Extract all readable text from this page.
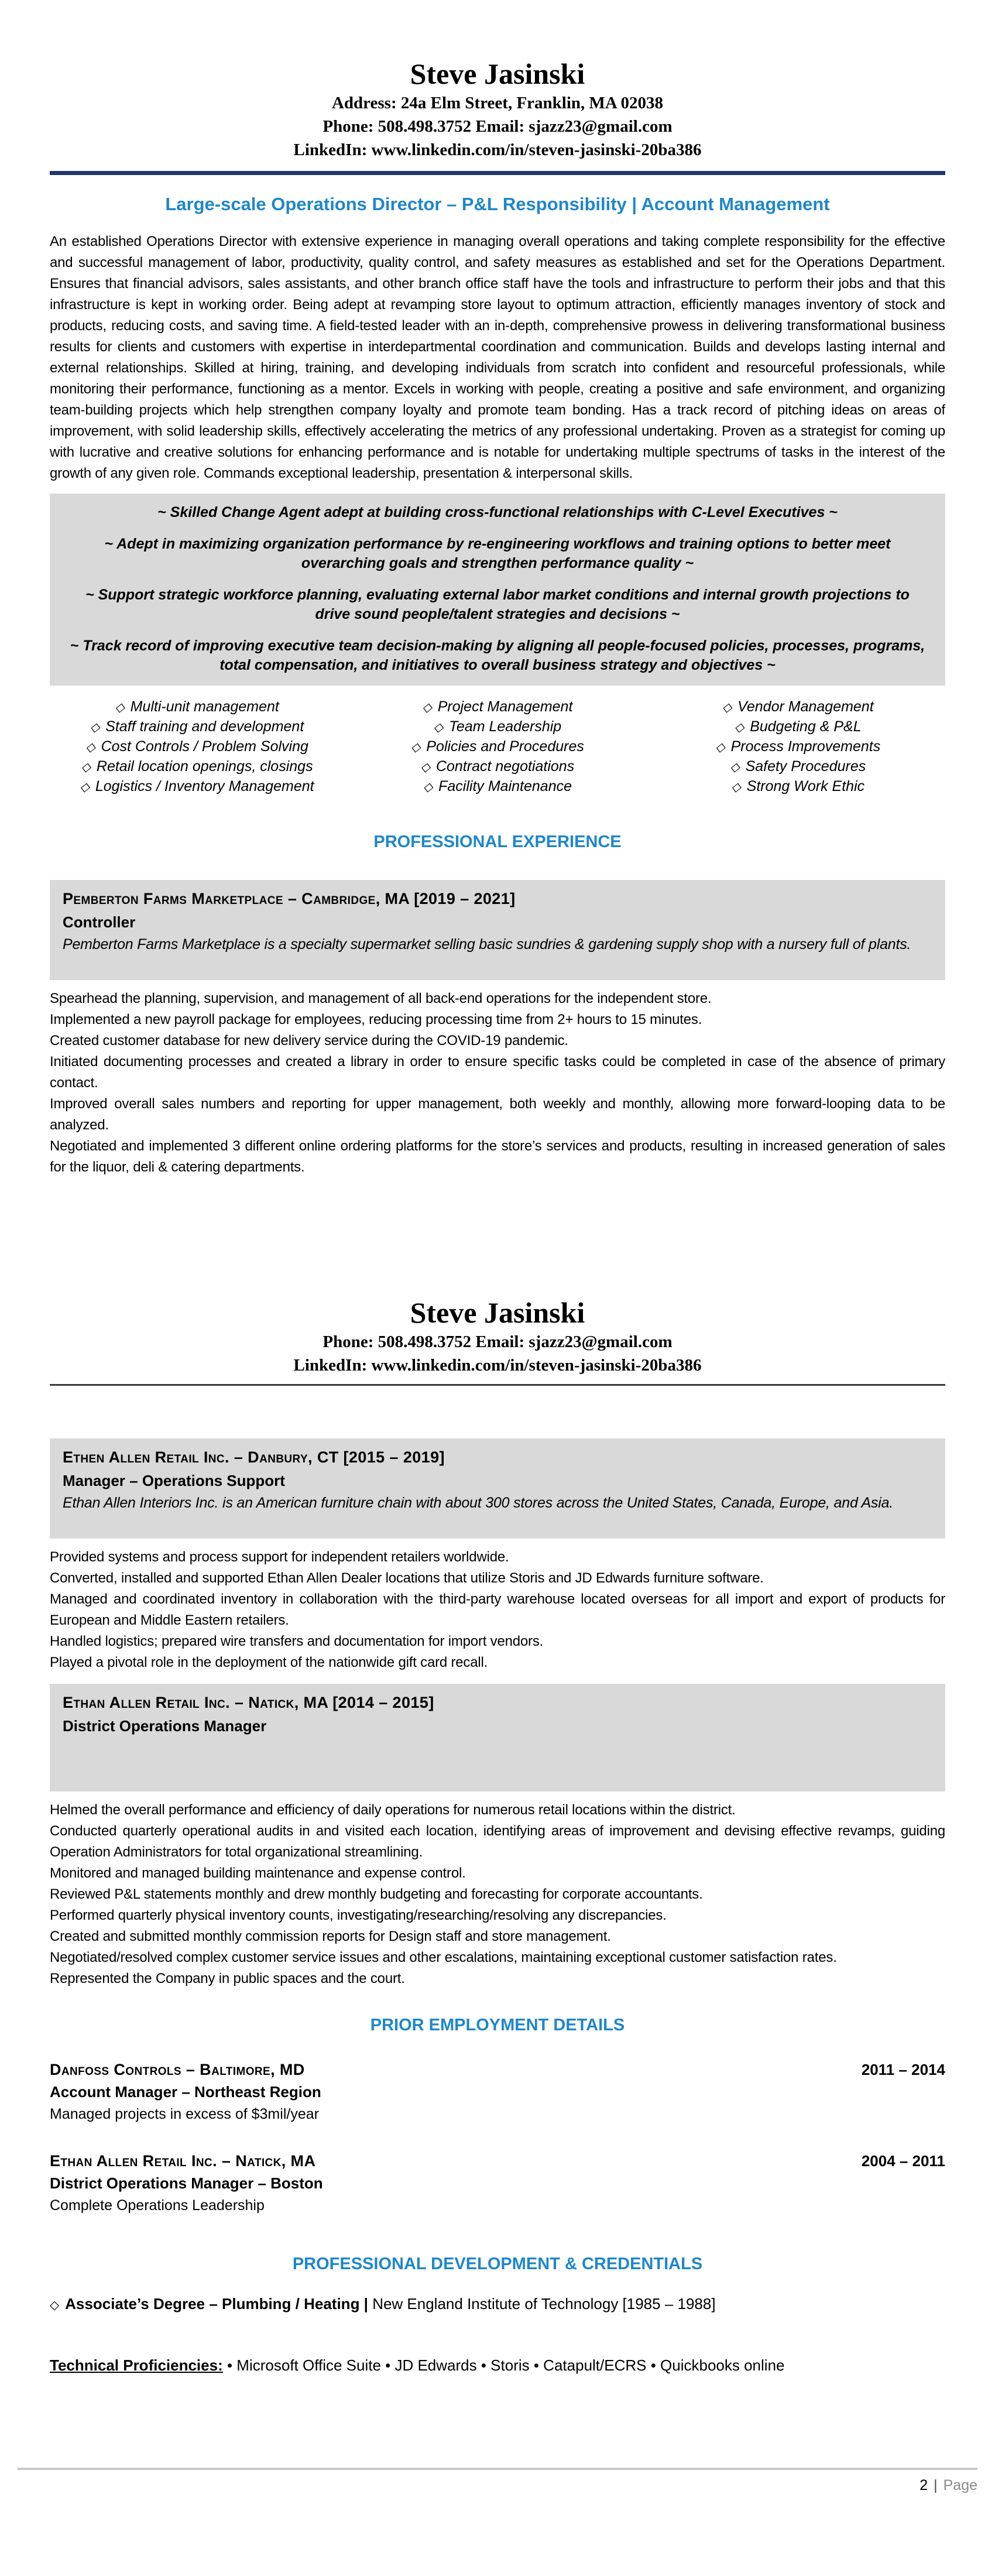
Steve Jasinski
Address: 24a Elm Street, Franklin, MA 02038
Phone: 508.498.3752 Email: sjazz23@gmail.com
LinkedIn: www.linkedin.com/in/steven-jasinski-20ba386
Large-scale Operations Director – P&L Responsibility | Account Management
An established Operations Director with extensive experience in managing overall operations and taking complete responsibility for the effective and successful management of labor, productivity, quality control, and safety measures as established and set for the Operations Department. Ensures that financial advisors, sales assistants, and other branch office staff have the tools and infrastructure to perform their jobs and that this infrastructure is kept in working order. Being adept at revamping store layout to optimum attraction, efficiently manages inventory of stock and products, reducing costs, and saving time. A field-tested leader with an in-depth, comprehensive prowess in delivering transformational business results for clients and customers with expertise in interdepartmental coordination and communication. Builds and develops lasting internal and external relationships. Skilled at hiring, training, and developing individuals from scratch into confident and resourceful professionals, while monitoring their performance, functioning as a mentor. Excels in working with people, creating a positive and safe environment, and organizing team-building projects which help strengthen company loyalty and promote team bonding. Has a track record of pitching ideas on areas of improvement, with solid leadership skills, effectively accelerating the metrics of any professional undertaking. Proven as a strategist for coming up with lucrative and creative solutions for enhancing performance and is notable for undertaking multiple spectrums of tasks in the interest of the growth of any given role. Commands exceptional leadership, presentation & interpersonal skills.

~ Skilled Change Agent adept at building cross-functional relationships with C-Level Executives ~

~ Adept in maximizing organization performance by re-engineering workflows and training options to better meet overarching goals and strengthen performance quality ~

~ Support strategic workforce planning, evaluating external labor market conditions and internal growth projections to drive sound people/talent strategies and decisions ~

~ Track record of improving executive team decision-making by aligning all people-focused policies, processes, programs, total compensation, and initiatives to overall business strategy and objectives ~

◇ Multi-unit management
◇ Staff training and development
◇ Cost Controls / Problem Solving
◇ Retail location openings, closings
◇ Logistics / Inventory Management
◇ Project Management
◇ Team Leadership
◇ Policies and Procedures
◇ Contract negotiations
◇ Facility Maintenance
◇ Vendor Management
◇ Budgeting & P&L
◇ Process Improvements
◇ Safety Procedures
◇ Strong Work Ethic
PROFESSIONAL EXPERIENCE
Pemberton Farms Marketplace – Cambridge, MA [2019 – 2021]
Controller
Pemberton Farms Marketplace is a specialty supermarket selling basic sundries & gardening supply shop with a nursery full of plants.
Spearhead the planning, supervision, and management of all back-end operations for the independent store.
Implemented a new payroll package for employees, reducing processing time from 2+ hours to 15 minutes.
Created customer database for new delivery service during the COVID-19 pandemic.
Initiated documenting processes and created a library in order to ensure specific tasks could be completed in case of the absence of primary contact.
Improved overall sales numbers and reporting for upper management, both weekly and monthly, allowing more forward-looping data to be analyzed.
Negotiated and implemented 3 different online ordering platforms for the store’s services and products, resulting in increased generation of sales for the liquor, deli & catering departments.
Steve Jasinski
Phone: 508.498.3752 Email: sjazz23@gmail.com
LinkedIn: www.linkedin.com/in/steven-jasinski-20ba386
Ethen Allen Retail Inc. – Danbury, CT [2015 – 2019]
Manager – Operations Support
Ethan Allen Interiors Inc. is an American furniture chain with about 300 stores across the United States, Canada, Europe, and Asia.
Provided systems and process support for independent retailers worldwide.
Converted, installed and supported Ethan Allen Dealer locations that utilize Storis and JD Edwards furniture software.
Managed and coordinated inventory in collaboration with the third-party warehouse located overseas for all import and export of products for European and Middle Eastern retailers.
Handled logistics; prepared wire transfers and documentation for import vendors.
Played a pivotal role in the deployment of the nationwide gift card recall.
Ethan Allen Retail Inc. – Natick, MA [2014 – 2015]
District Operations Manager
Helmed the overall performance and efficiency of daily operations for numerous retail locations within the district.
Conducted quarterly operational audits in and visited each location, identifying areas of improvement and devising effective revamps, guiding Operation Administrators for total organizational streamlining.
Monitored and managed building maintenance and expense control.
Reviewed P&L statements monthly and drew monthly budgeting and forecasting for corporate accountants.
Performed quarterly physical inventory counts, investigating/researching/resolving any discrepancies.
Created and submitted monthly commission reports for Design staff and store management.
Negotiated/resolved complex customer service issues and other escalations, maintaining exceptional customer satisfaction rates.
Represented the Company in public spaces and the court.
PRIOR EMPLOYMENT DETAILS
Danfoss Controls – Baltimore, MD	2011 – 2014
Account Manager – Northeast Region
Managed projects in excess of $3mil/year
Ethan Allen Retail Inc. – Natick, MA	2004 – 2011
District Operations Manager – Boston
Complete Operations Leadership
PROFESSIONAL DEVELOPMENT & CREDENTIALS
◇ Associate’s Degree – Plumbing / Heating | New England Institute of Technology [1985 – 1988]
Technical Proficiencies: • Microsoft Office Suite • JD Edwards • Storis • Catapult/ECRS • Quickbooks online
2 | Page
